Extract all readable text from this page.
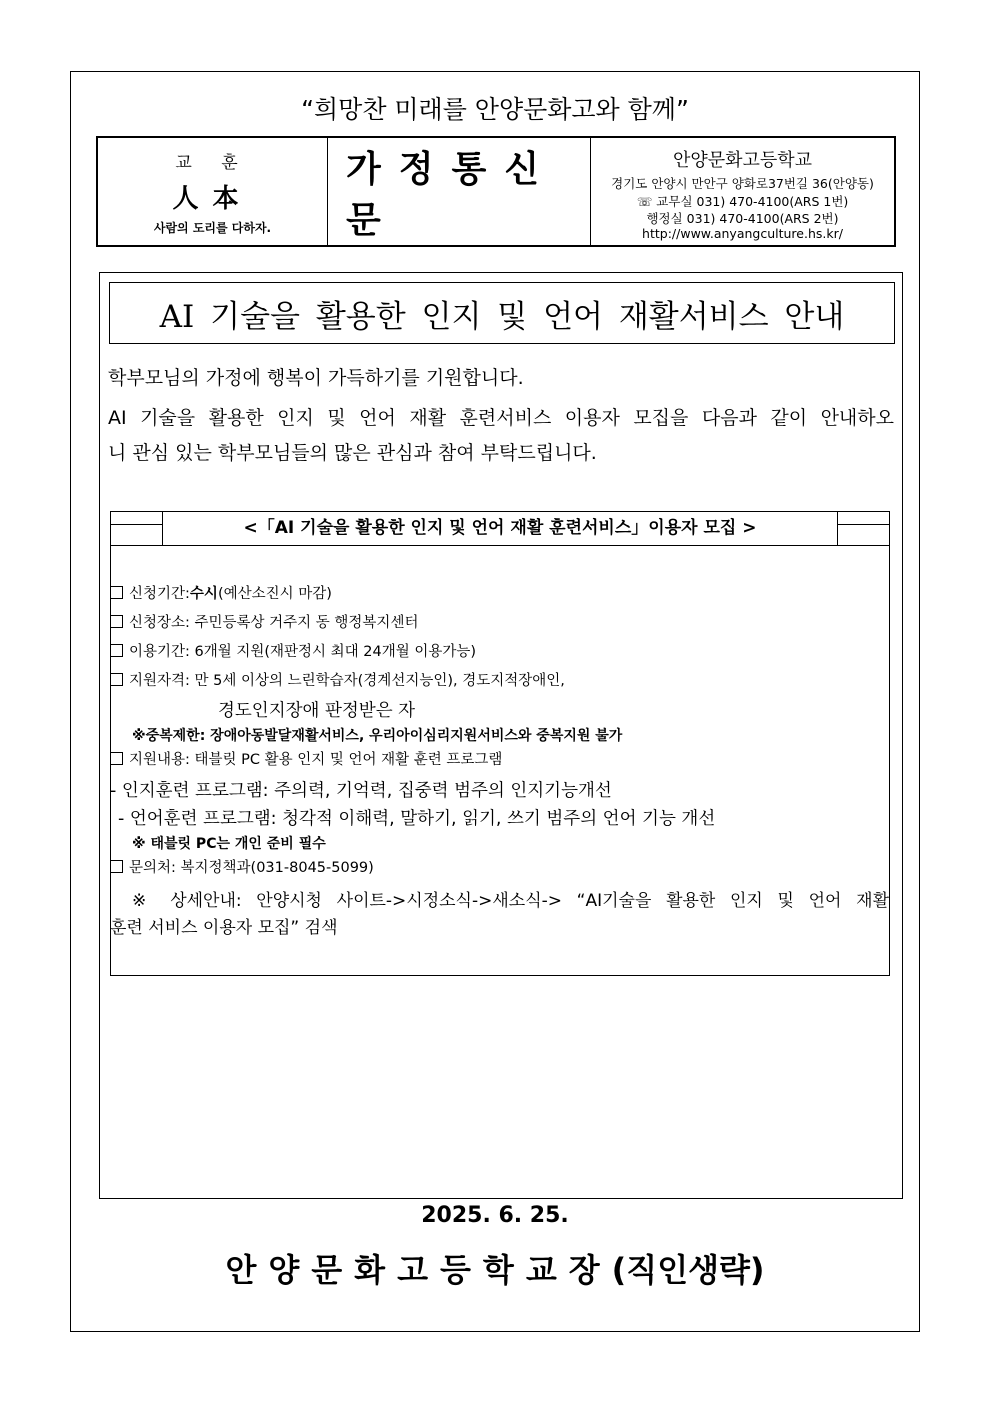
“희망찬 미래를 안양문화고와 함께”
교 훈
人本
사람의 도리를 다하자.
가정통신문
안양문화고등학교
경기도 안양시 만안구 양화로37번길 36(안양동)
☏ 교무실 031) 470-4100(ARS 1번)
행정실 031) 470-4100(ARS 2번)
http://www.anyangculture.hs.kr/
AI 기술을 활용한 인지 및 언어 재활서비스 안내
학부모님의 가정에 행복이 가득하기를 기원합니다.
AI 기술을 활용한 인지 및 언어 재활 훈련서비스 이용자 모집을 다음과 같이 안내하오
니 관심 있는 학부모님들의 많은 관심과 참여 부탁드립니다.
<「AI 기술을 활용한 인지 및 언어 재활 훈련서비스」이용자 모집 >
신청기간:수시(예산소진시 마감)
신청장소: 주민등록상 거주지 동 행정복지센터
이용기간: 6개월 지원(재판정시 최대 24개월 이용가능)
지원자격: 만 5세 이상의 느린학습자(경계선지능인), 경도지적장애인,
경도인지장애 판정받은 자
※중복제한: 장애아동발달재활서비스, 우리아이심리지원서비스와 중복지원 불가
지원내용: 태블릿 PC 활용 인지 및 언어 재활 훈련 프로그램
- 인지훈련 프로그램: 주의력, 기억력, 집중력 범주의 인지기능개선
- 언어훈련 프로그램: 청각적 이해력, 말하기, 읽기, 쓰기 범주의 언어 기능 개선
※ 태블릿 PC는 개인 준비 필수
문의처: 복지정책과(031-8045-5099)
※ 상세안내: 안양시청 사이트->시정소식->새소식-> “AI기술을 활용한 인지 및 언어 재활
훈련 서비스 이용자 모집” 검색
2025. 6. 25.
안양문화고등학교장(직인생략)
